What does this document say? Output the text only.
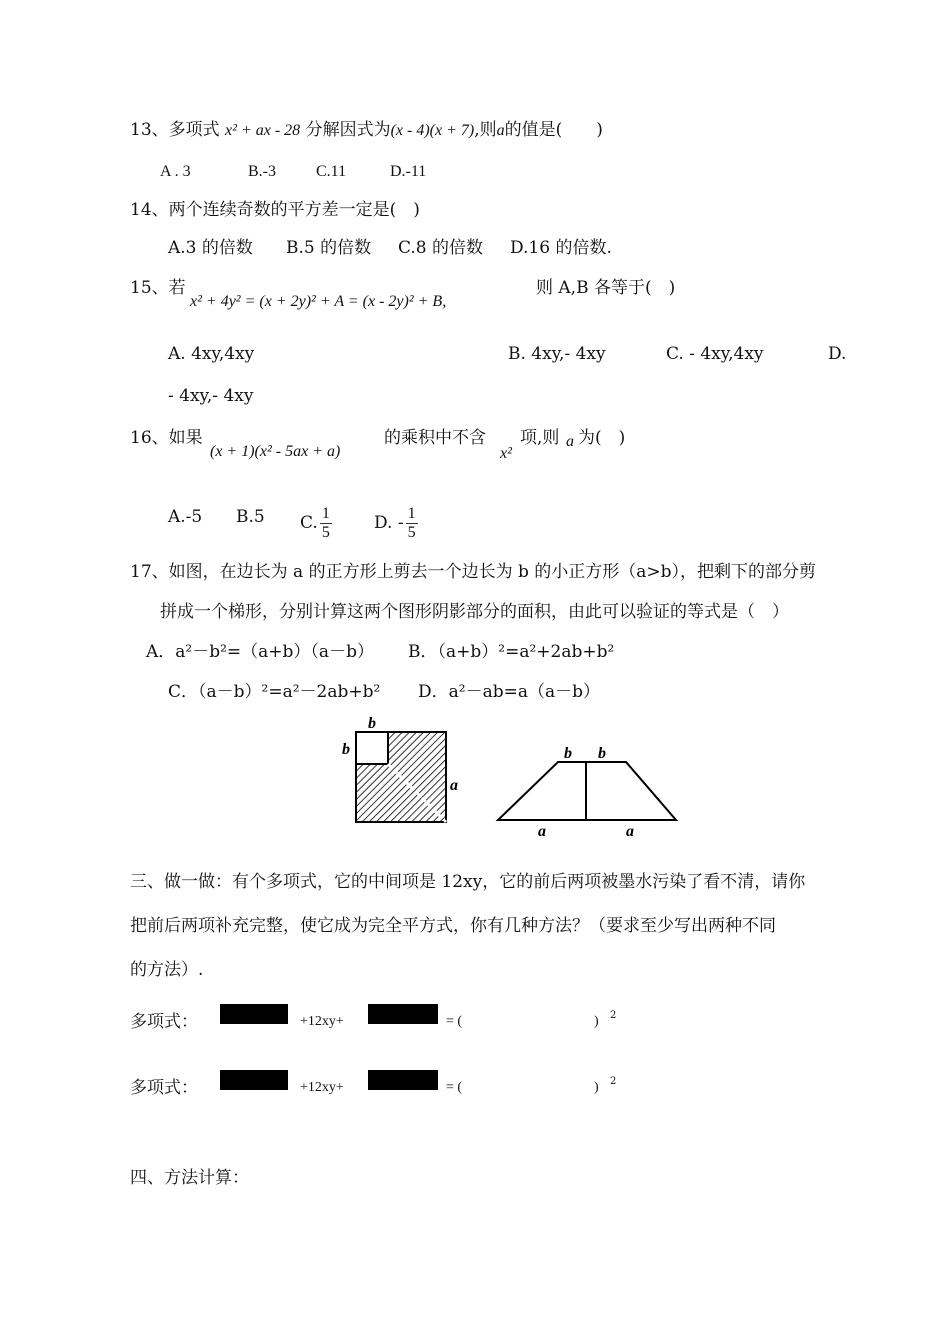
13、多项式 x² + ax - 28 分解因式为(x - 4)(x + 7),则a的值是(　　)
A . 3	B.-3	C.11	D.-11
14、两个连续奇数的平方差一定是(　)
A.3 的倍数 B.5 的倍数 C.8 的倍数 D.16 的倍数.
15、若
x² + 4y² = (x + 2y)² + A = (x - 2y)² + B,
则 A,B 各等于(　)
A. 4xy,4xy	B. 4xy,- 4xy	C. - 4xy,4xy	D.
- 4xy,- 4xy
16、如果
(x + 1)(x² - 5ax + a)
的乘积中不含
x²
项,则 a 为(　)
A.-5 B.5 C. $\frac{1}{5} D$. - $\frac{1}{5}$
17、如图，在边长为 a 的正方形上剪去一个边长为 b 的小正方形（a>b），把剩下的部分剪
拼成一个梯形，分别计算这两个图形阴影部分的面积，由此可以验证的等式是（　）
A．a²－b²=（a+b）（a－b） B．（a+b）²=a²+2ab+b²
C．（a－b）²=a²－2ab+b² D．a²－ab=a（a－b）
b
b
a
b b
a	a
三、做一做：有个多项式，它的中间项是 12xy，它的前后两项被墨水污染了看不清，请你
把前后两项补充完整，使它成为完全平方式，你有几种方法？（要求至少写出两种不同
的方法）.
多项式：	+12xy+	= (	) 2
多项式：	+12xy+	= (	) 2
四、方法计算：
